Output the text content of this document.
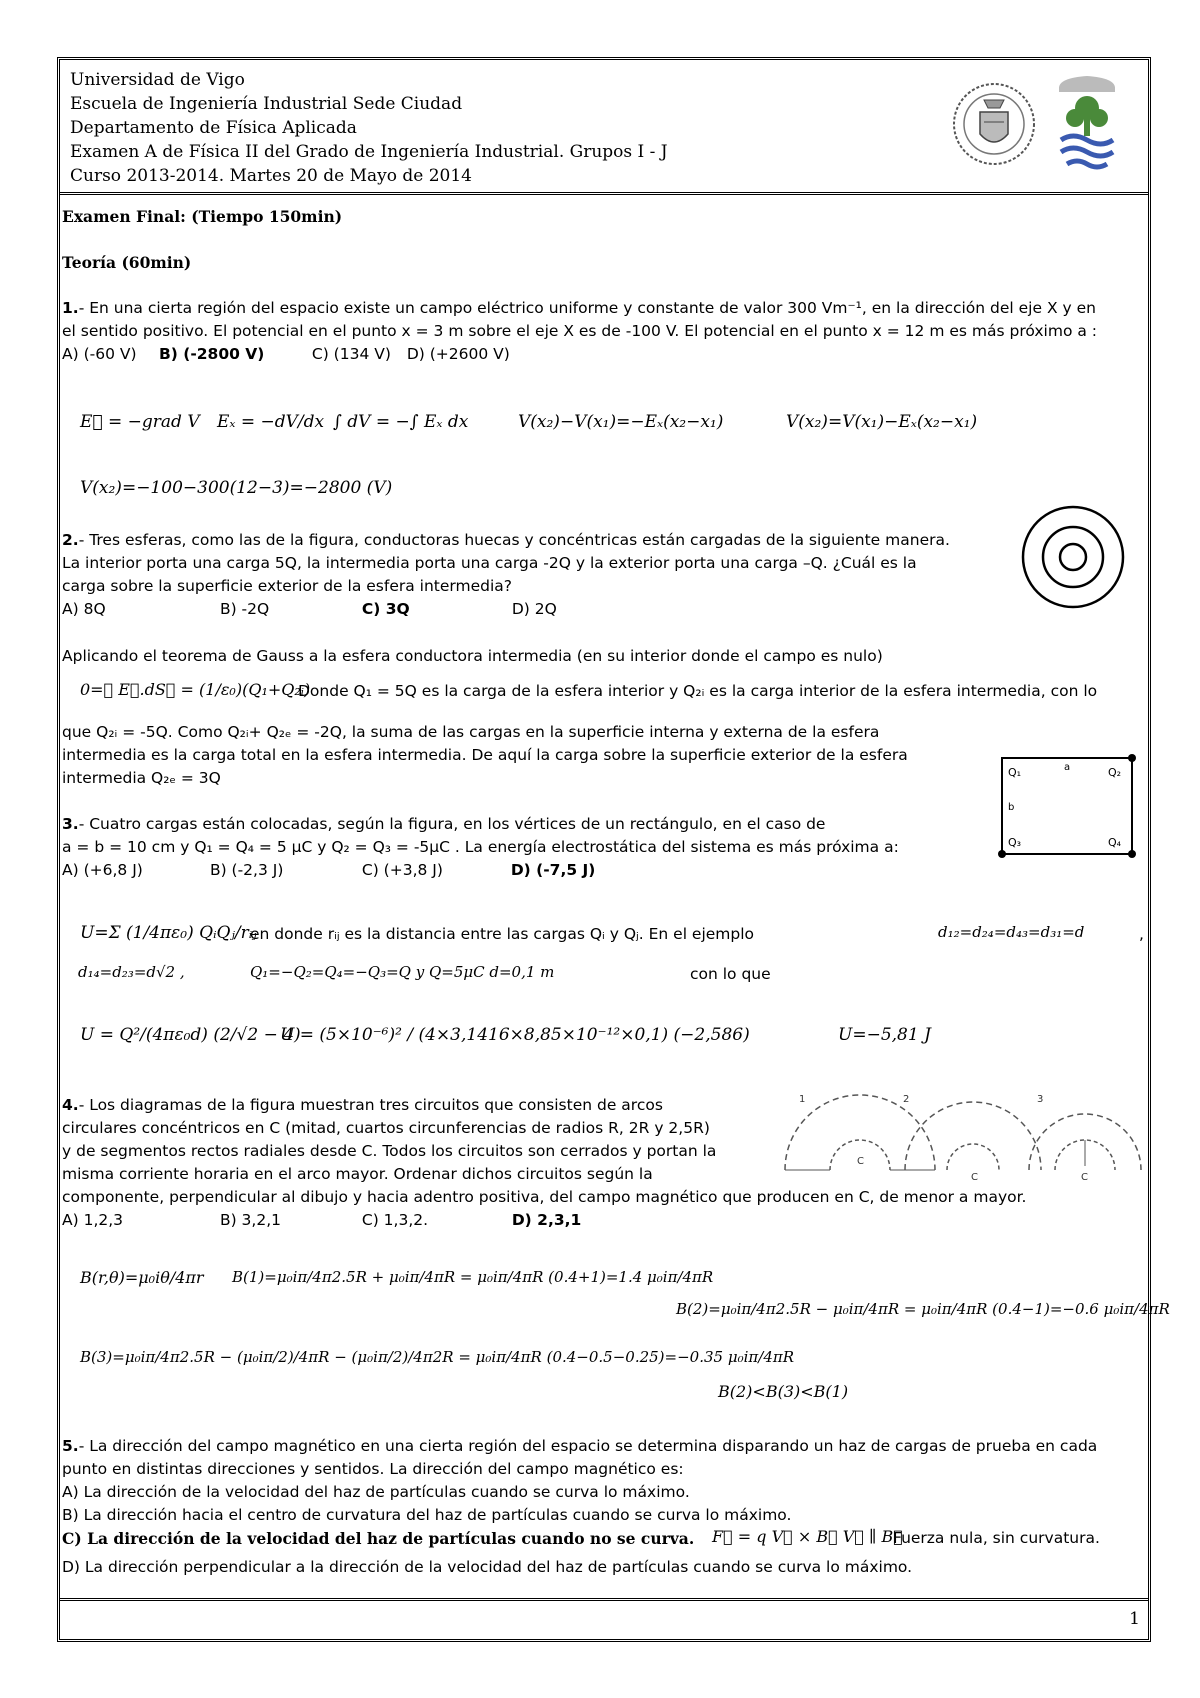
Universidad de Vigo
Escuela de Ingeniería Industrial Sede Ciudad
Departamento de Física Aplicada
Examen A de Física II del Grado de Ingeniería Industrial. Grupos I - J
Curso 2013-2014. Martes 20 de Mayo de 2014
Examen Final: (Tiempo 150min)
Teoría (60min)
1.- En una cierta región del espacio existe un campo eléctrico uniforme y constante de valor 300 Vm⁻¹, en la dirección del eje X y en
el sentido positivo. El potencial en el punto x = 3 m sobre el eje X es de -100 V. El potencial en el punto x = 12 m es más próximo a :
A) (-60 V) B) (-2800 V)	C) (134 V) D) (+2600 V)
E⃗ = −grad V Eₓ = −dV/dx ∫ dV = −∫ Eₓ dx	V(x₂)−V(x₁)=−Eₓ(x₂−x₁)	V(x₂)=V(x₁)−Eₓ(x₂−x₁)
V(x₂)=−100−300(12−3)=−2800 (V)
2.- Tres esferas, como las de la figura, conductoras huecas y concéntricas están cargadas de la siguiente manera.
La interior porta una carga 5Q, la intermedia porta una carga -2Q y la exterior porta una carga –Q. ¿Cuál es la
carga sobre la superficie exterior de la esfera intermedia?
A) 8Q	B) -2Q	C) 3Q	D) 2Q
Aplicando el teorema de Gauss a la esfera conductora intermedia (en su interior donde el campo es nulo)
0=∮ E⃗.dS⃗ = (1/ε₀)(Q₁+Q₂ᵢ)
Donde Q₁ = 5Q es la carga de la esfera interior y Q₂ᵢ es la carga interior de la esfera intermedia, con lo
que Q₂ᵢ = -5Q. Como Q₂ᵢ+ Q₂ₑ = -2Q, la suma de las cargas en la superficie interna y externa de la esfera
intermedia es la carga total en la esfera intermedia. De aquí la carga sobre la superficie exterior de la esfera
intermedia Q₂ₑ = 3Q	Q₁	Q₂
Q₃	Q₄
a
b
3.- Cuatro cargas están colocadas, según la figura, en los vértices de un rectángulo, en el caso de
a = b = 10 cm y Q₁ = Q₄ = 5 μC y Q₂ = Q₃ = -5μC . La energía electrostática del sistema es más próxima a:
A) (+6,8 J)	B) (-2,3 J)	C) (+3,8 J)	D) (-7,5 J)
U=Σ (1/4πε₀) QᵢQⱼ/rᵢⱼ
en donde rᵢⱼ es la distancia entre las cargas Qᵢ y Qⱼ. En el ejemplo	d₁₂=d₂₄=d₄₃=d₃₁=d	,
d₁₄=d₂₃=d√2 ,	Q₁=−Q₂=Q₄=−Q₃=Q y Q=5μC d=0,1 m	con lo que
U = Q²/(4πε₀d) (2/√2 − 4)
U = (5×10⁻⁶)² / (4×3,1416×8,85×10⁻¹²×0,1) (−2,586)	U=−5,81 J
1
C
2
C
3
C
4.- Los diagramas de la figura muestran tres circuitos que consisten de arcos
circulares concéntricos en C (mitad, cuartos circunferencias de radios R, 2R y 2,5R)
y de segmentos rectos radiales desde C. Todos los circuitos son cerrados y portan la
misma corriente horaria en el arco mayor. Ordenar dichos circuitos según la
componente, perpendicular al dibujo y hacia adentro positiva, del campo magnético que producen en C, de menor a mayor.
A) 1,2,3	B) 3,2,1	C) 1,3,2.	D) 2,3,1
B(r,θ)=μ₀iθ/4πr B(1)=μ₀iπ/4π2.5R + μ₀iπ/4πR = μ₀iπ/4πR (0.4+1)=1.4 μ₀iπ/4πR
B(2)=μ₀iπ/4π2.5R − μ₀iπ/4πR = μ₀iπ/4πR (0.4−1)=−0.6 μ₀iπ/4πR
B(3)=μ₀iπ/4π2.5R − (μ₀iπ/2)/4πR − (μ₀iπ/2)/4π2R = μ₀iπ/4πR (0.4−0.5−0.25)=−0.35 μ₀iπ/4πR
B(2)<B(3)<B(1)
5.- La dirección del campo magnético en una cierta región del espacio se determina disparando un haz de cargas de prueba en cada
punto en distintas direcciones y sentidos. La dirección del campo magnético es:
A) La dirección de la velocidad del haz de partículas cuando se curva lo máximo.
B) La dirección hacia el centro de curvatura del haz de partículas cuando se curva lo máximo.
C) La dirección de la velocidad del haz de partículas cuando no se curva.	F⃗ = q V⃗ × B⃗ V⃗ ∥ B⃗
Fuerza nula, sin curvatura.
D) La dirección perpendicular a la dirección de la velocidad del haz de partículas cuando se curva lo máximo.
1
